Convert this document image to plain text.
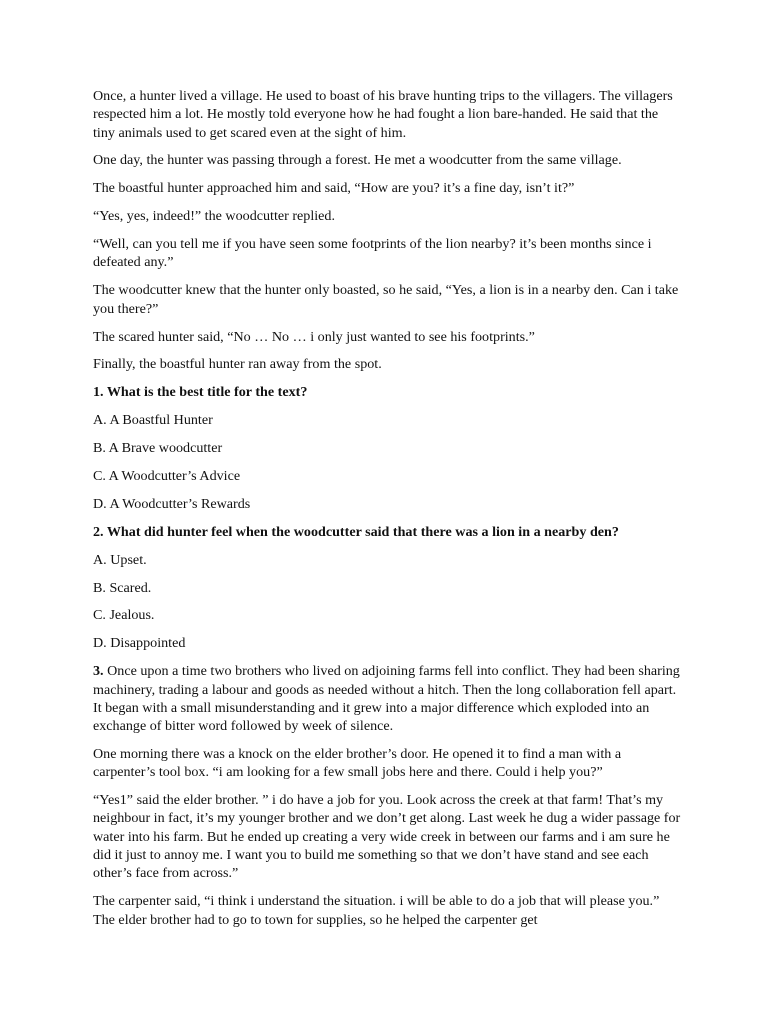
Once, a hunter lived a village. He used to boast of his brave hunting trips to the villagers. The villagers respected him a lot. He mostly told everyone how he had fought a lion bare-handed. He said that the tiny animals used to get scared even at the sight of him.

One day, the hunter was passing through a forest. He met a woodcutter from the same village.

The boastful hunter approached him and said, “How are you? it’s a fine day, isn’t it?”

“Yes, yes, indeed!” the woodcutter replied.

“Well, can you tell me if you have seen some footprints of the lion nearby? it’s been months since i defeated any.”

The woodcutter knew that the hunter only boasted, so he said, “Yes, a lion is in a nearby den. Can i take you there?”

The scared hunter said, “No … No … i only just wanted to see his footprints.”

Finally, the boastful hunter ran away from the spot.

1. What is the best title for the text?

A. A Boastful Hunter

B. A Brave woodcutter

C. A Woodcutter’s Advice

D. A Woodcutter’s Rewards

2. What did hunter feel when the woodcutter said that there was a lion in a nearby den?

A. Upset.

B. Scared.

C. Jealous.

D. Disappointed

3. Once upon a time two brothers who lived on adjoining farms fell into conflict. They had been sharing machinery, trading a labour and goods as needed without a hitch. Then the long collaboration fell apart. It began with a small misunderstanding and it grew into a major difference which exploded into an exchange of bitter word followed by week of silence.

One morning there was a knock on the elder brother’s door. He opened it to find a man with a carpenter’s tool box. “i am looking for a few small jobs here and there. Could i help you?”

“Yes1” said the elder brother. ” i do have a job for you. Look across the creek at that farm! That’s my neighbour in fact, it’s my younger brother and we don’t get along. Last week he dug a wider passage for water into his farm. But he ended up creating a very wide creek in between our farms and i am sure he did it just to annoy me. I want you to build me something so that we don’t have stand and see each other’s face from across.”

The carpenter said, “i think i understand the situation. i will be able to do a job that will please you.” The elder brother had to go to town for supplies, so he helped the carpenter get
